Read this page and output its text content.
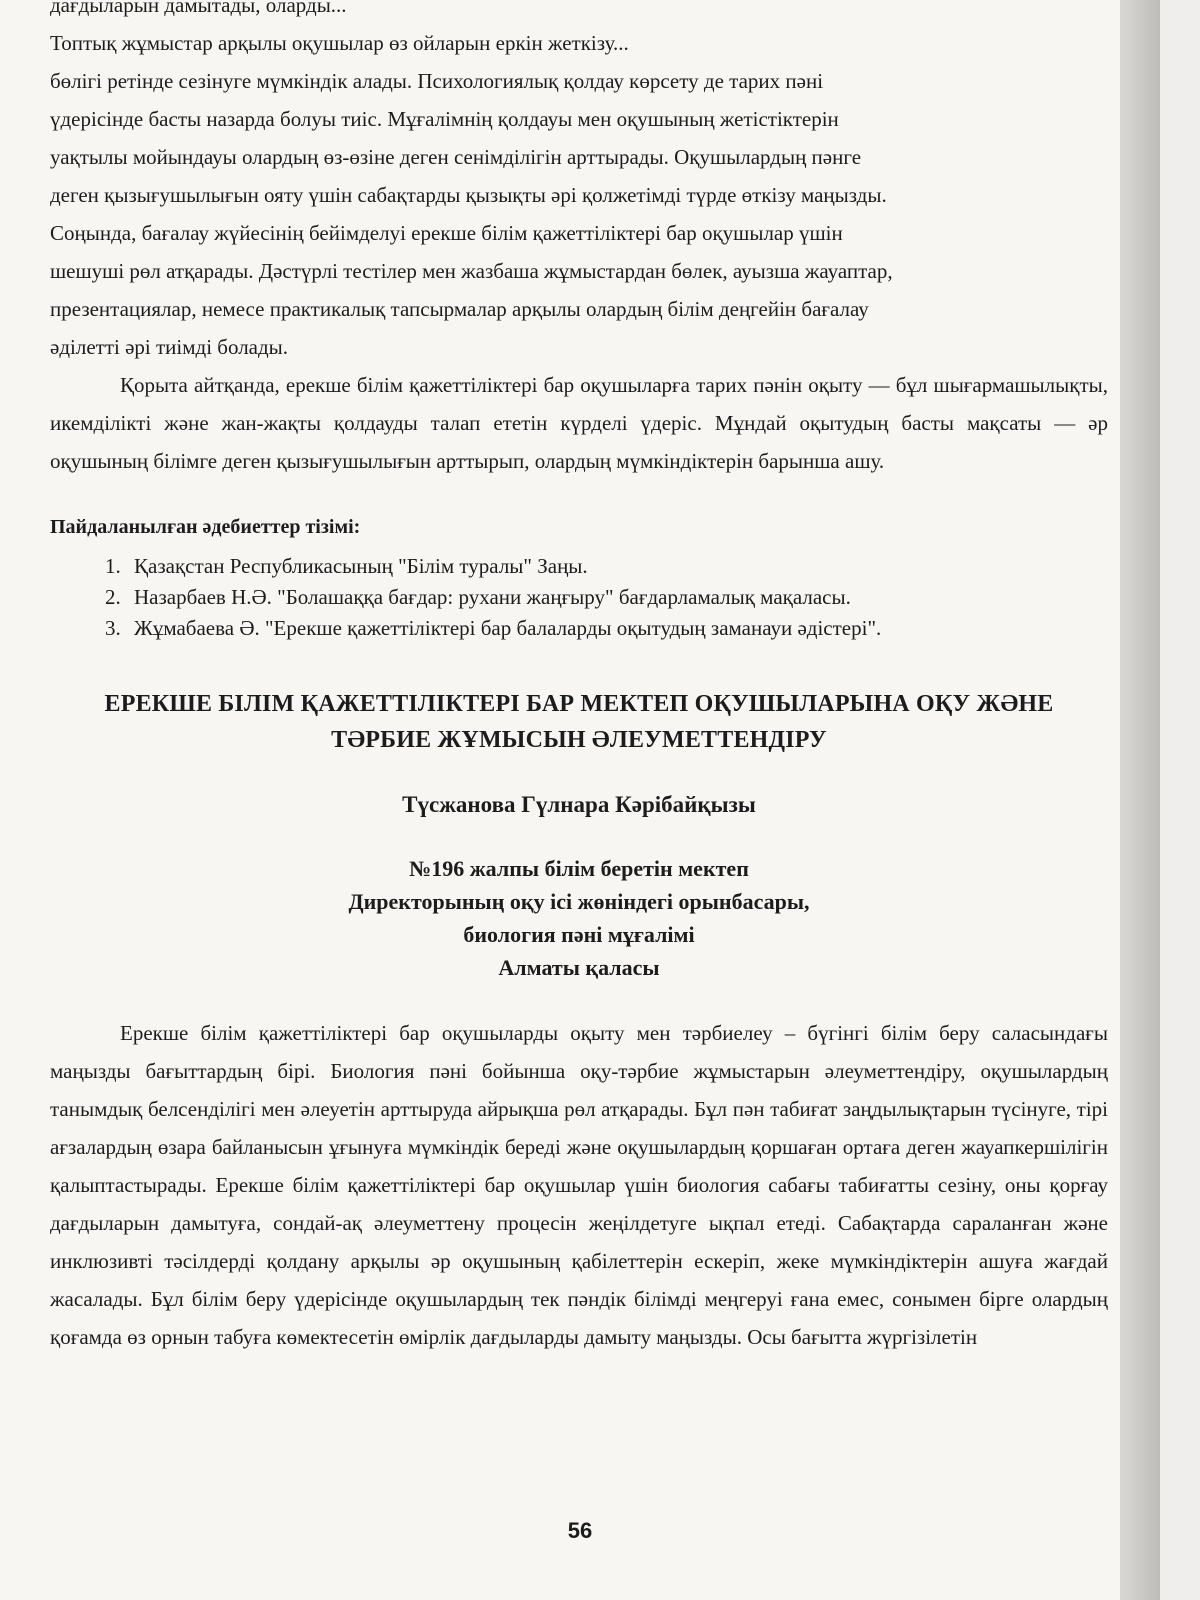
дағдыларын дамытады, оларды...
Топтық жұмыстар арқылы оқушылар өз ойларын еркін жеткізу...
бөлігі ретінде сезінуге мүмкіндік алады. Психологиялық қолдау көрсету де тарих пәні
үдерісінде басты назарда болуы тиіс. Мұғалімнің қолдауы мен оқушының жетістіктерін
уақтылы мойындауы олардың өз-өзіне деген сенімділігін арттырады. Оқушылардың пәнге
деген қызығушылығын ояту үшін сабақтарды қызықты әрі қолжетімді түрде өткізу маңызды.
Соңында, бағалау жүйесінің бейімделуі ерекше білім қажеттіліктері бар оқушылар үшін
шешуші рөл атқарады. Дәстүрлі тестілер мен жазбаша жұмыстардан бөлек, ауызша жауаптар,
презентациялар, немесе практикалық тапсырмалар арқылы олардың білім деңгейін бағалау
әділетті әрі тиімді болады.

Қорыта айтқанда, ерекше білім қажеттіліктері бар оқушыларға тарих пәнін оқыту — бұл шығармашылықты, икемділікті және жан-жақты қолдауды талап ететін күрделі үдеріс. Мұндай оқытудың басты мақсаты — әр оқушының білімге деген қызығушылығын арттырып, олардың мүмкіндіктерін барынша ашу.

Пайдаланылған әдебиеттер тізімі:
1. Қазақстан Республикасының "Білім туралы" Заңы.
2. Назарбаев Н.Ә. "Болашаққа бағдар: рухани жаңғыру" бағдарламалық мақаласы.
3. Жұмабаева Ә. "Ерекше қажеттіліктері бар балаларды оқытудың заманауи әдістері".
ЕРЕКШЕ БІЛІМ ҚАЖЕТТІЛІКТЕРІ БАР МЕКТЕП ОҚУШЫЛАРЫНА ОҚУ ЖӘНЕ
ТӘРБИЕ ЖҰМЫСЫН ӘЛЕУМЕТТЕНДІРУ
Түсжанова Гүлнара Кәрібайқызы
№196 жалпы білім беретін мектеп
Директорының оқу ісі жөніндегі орынбасары,
биология пәні мұғалімі
Алматы қаласы

Ерекше білім қажеттіліктері бар оқушыларды оқыту мен тәрбиелеу – бүгінгі білім беру саласындағы маңызды бағыттардың бірі. Биология пәні бойынша оқу-тәрбие жұмыстарын әлеуметтендіру, оқушылардың танымдық белсенділігі мен әлеуетін арттыруда айрықша рөл атқарады. Бұл пән табиғат заңдылықтарын түсінуге, тірі ағзалардың өзара байланысын ұғынуға мүмкіндік береді және оқушылардың қоршаған ортаға деген жауапкершілігін қалыптастырады. Ерекше білім қажеттіліктері бар оқушылар үшін биология сабағы табиғатты сезіну, оны қорғау дағдыларын дамытуға, сондай-ақ әлеуметтену процесін жеңілдетуге ықпал етеді. Сабақтарда сараланған және инклюзивті тәсілдерді қолдану арқылы әр оқушының қабілеттерін ескеріп, жеке мүмкіндіктерін ашуға жағдай жасалады. Бұл білім беру үдерісінде оқушылардың тек пәндік білімді меңгеруі ғана емес, сонымен бірге олардың қоғамда өз орнын табуға көмектесетін өмірлік дағдыларды дамыту маңызды. Осы бағытта жүргізілетін

56
